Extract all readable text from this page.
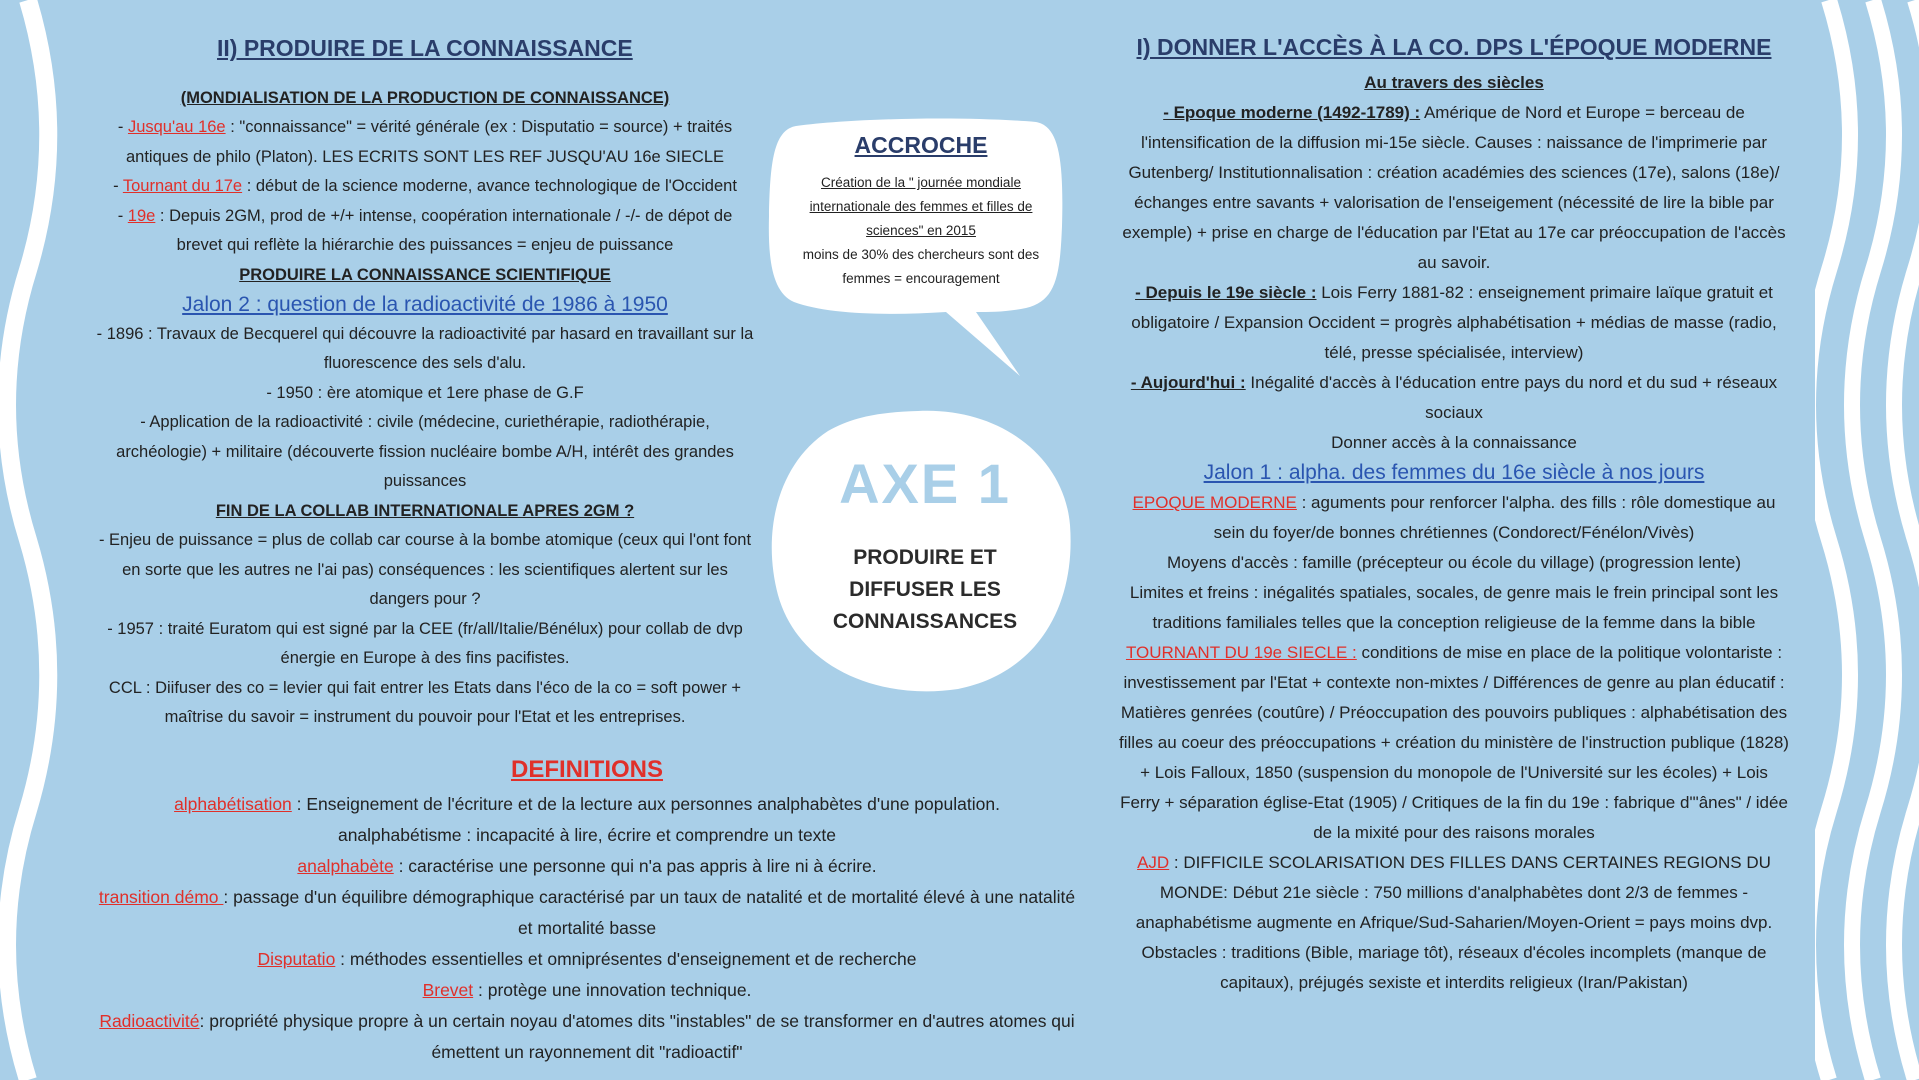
II) PRODUIRE DE LA CONNAISSANCE

(MONDIALISATION DE LA PRODUCTION DE CONNAISSANCE)

- Jusqu'au 16e : "connaissance" = vérité générale (ex : Disputatio = source) + traités antiques de philo (Platon). LES ECRITS SONT LES REF JUSQU'AU 16e SIECLE

- Tournant du 17e : début de la science moderne, avance technologique de l'Occident

- 19e : Depuis 2GM, prod de +/+ intense, coopération internationale / -/- de dépot de brevet qui reflète la hiérarchie des puissances = enjeu de puissance

PRODUIRE LA CONNAISSANCE SCIENTIFIQUE

Jalon 2 : question de la radioactivité de 1986 à 1950

- 1896 : Travaux de Becquerel qui découvre la radioactivité par hasard en travaillant sur la fluorescence des sels d'alu.

- 1950 : ère atomique et 1ere phase de G.F

- Application de la radioactivité : civile (médecine, curiethérapie, radiothérapie, archéologie) + militaire (découverte fission nucléaire bombe A/H, intérêt des grandes puissances

FIN DE LA COLLAB INTERNATIONALE APRES 2GM ?

- Enjeu de puissance = plus de collab car course à la bombe atomique (ceux qui l'ont font en sorte que les autres ne l'ai pas) conséquences : les scientifiques alertent sur les dangers pour ?

- 1957 : traité Euratom qui est signé par la CEE (fr/all/Italie/Bénélux) pour collab de dvp énergie en Europe à des fins pacifistes.

CCL : Diifuser des co = levier qui fait entrer les Etats dans l'éco de la co = soft power + maîtrise du savoir = instrument du pouvoir pour l'Etat et les entreprises.

ACCROCHE
Création de la " journée mondiale internationale des femmes et filles de sciences" en 2015
moins de 30% des chercheurs sont des femmes = encouragement
AXE 1
PRODUIRE ET DIFFUSER LES CONNAISSANCES

DEFINITIONS

alphabétisation : Enseignement de l'écriture et de la lecture aux personnes analphabètes d'une population.

analphabétisme : incapacité à lire, écrire et comprendre un texte

analphabète : caractérise une personne qui n'a pas appris à lire ni à écrire.

transition démo : passage d'un équilibre démographique caractérisé par un taux de natalité et de mortalité élevé à une natalité et mortalité basse

Disputatio : méthodes essentielles et omniprésentes d'enseignement et de recherche

Brevet : protège une innovation technique.

Radioactivité: propriété physique propre à un certain noyau d'atomes dits "instables" de se transformer en d'autres atomes qui émettent un rayonnement dit "radioactif"

I) DONNER L'ACCÈS À LA CO. DPS L'ÉPOQUE MODERNE

Au travers des siècles

- Epoque moderne (1492-1789) : Amérique de Nord et Europe = berceau de l'intensification de la diffusion mi-15e siècle. Causes : naissance de l'imprimerie par Gutenberg/ Institutionnalisation : création académies des sciences (17e), salons (18e)/ échanges entre savants + valorisation de l'enseigement (nécessité de lire la bible par exemple) + prise en charge de l'éducation par l'Etat au 17e car préoccupation de l'accès au savoir.

- Depuis le 19e siècle : Lois Ferry 1881-82 : enseignement primaire laïque gratuit et obligatoire / Expansion Occident = progrès alphabétisation + médias de masse (radio, télé, presse spécialisée, interview)

- Aujourd'hui : Inégalité d'accès à l'éducation entre pays du nord et du sud + réseaux sociaux

Donner accès à la connaissance

Jalon 1 : alpha. des femmes du 16e siècle à nos jours

EPOQUE MODERNE : aguments pour renforcer l'alpha. des fills : rôle domestique au sein du foyer/de bonnes chrétiennes (Condorect/Fénélon/Vivès)

Moyens d'accès : famille (précepteur ou école du village) (progression lente)

Limites et freins : inégalités spatiales, socales, de genre mais le frein principal sont les traditions familiales telles que la conception religieuse de la femme dans la bible

TOURNANT DU 19e SIECLE : conditions de mise en place de la politique volontariste : investissement par l'Etat + contexte non-mixtes / Différences de genre au plan éducatif : Matières genrées (coutûre) / Préoccupation des pouvoirs publiques : alphabétisation des filles au coeur des préoccupations + création du ministère de l'instruction publique (1828) + Lois Falloux, 1850 (suspension du monopole de l'Université sur les écoles) + Lois Ferry + séparation église-Etat (1905) / Critiques de la fin du 19e : fabrique d'"ânes" / idée de la mixité pour des raisons morales

AJD : DIFFICILE SCOLARISATION DES FILLES DANS CERTAINES REGIONS DU MONDE: Début 21e siècle : 750 millions d'analphabètes dont 2/3 de femmes - anaphabétisme augmente en Afrique/Sud-Saharien/Moyen-Orient = pays moins dvp. Obstacles : traditions (Bible, mariage tôt), réseaux d'écoles incomplets (manque de capitaux), préjugés sexiste et interdits religieux (Iran/Pakistan)
